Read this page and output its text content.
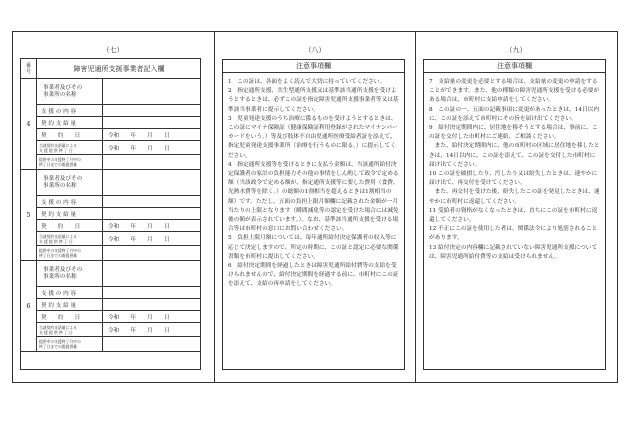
（七）	（八）	（九）
番
号	障害児通所支援事業者記入欄
4
事業者及びその
事業所の名称
支 援 の 内 容
契 約 支 給 量
契　　約　　日	令和　　年　　月　　日
当該契約支給量による
支 援 提 供 終 了 日	令和　　年　　月　　日
提供中の支援終了月中の
終了日までの既提供量
5
事業者及びその
事業所の名称
支 援 の 内 容
契 約 支 給 量
契　　約　　日	令和　　年　　月　　日
当該契約支給量による
支 援 提 供 終 了 日	令和　　年　　月　　日
提供中の支援終了月中の
終了日までの既提供量
6
事業者及びその
事業所の名称
支 援 の 内 容
契 約 支 給 量
契　　約　　日	令和　　年　　月　　日
当該契約支給量による
支 援 提 供 終 了 日	令和　　年　　月　　日
提供中の支援終了月中の
終了日までの既提供量
注意事項欄

1　この証は、各面をよく読んで大切に持っていてください。

2　指定通所支援、共生型通所支援又は基準該当通所支援を受けようとするときは、必ずこの証を指定障害児通所支援事業者等又は基準該当事業者に提示してください。

3　児童発達支援のうち治療に係るものを受けようとするときは、この証にマイナ保険証（健康保険証利用登録がされたマイナンバーカードをいう。）等及び肢体不自由児通所医療受給者証を添えて、指定児童発達支援事業所（治療を行うものに限る。）に提示してください。

4　指定通所支援等を受けるときに支払う金額は、当該通所給付決定保護者の家計の負担能力その他の事情をしん酌して政令で定める額（当該政令で定める額が、指定通所支援等に要した費用（食費、光熱水費等を除く。）の総額の1割相当を超えるときは1割相当の額）です。ただし、五面の負担上限月額欄に記載された金額が一月当たりの上限となります（瞬間減免等の認定を受けた場合には減免後の額が表示されています。）。なお、基準該当通所支援を受ける場合等は市町村の窓口にお問い合わせください。

5　負担上限月額については、毎年通所給付決定保護者の収入等に応じて決定しますので、所定の時期に、この証と認定に必要な関係書類を市町村に提出してください。

6　給付決定期間を経過したときは障害児通所給付費等の支給を受けられませんので、給付決定期間を経過する前に、市町村にこの証を添えて、支給の再申請をしてください。

注意事項欄

7　支給量の変更を必要とする場合は、支給量の変更の申請をすることができます。また、他の種類の障害児通所支援を受ける必要がある場合は、市町村に支給申請をしてください。

8　この証の一、五面の記載事項に変更があったときは、14日以内に、この証を添えて市町村にその旨を届け出てください。

9　給付決定期間内に、居住地を移そうとする場合は、事前に、この証を交付した市町村にご連絡、ご相談ください。

　また、給付決定期間内に、他の市町村の区域に居住地を移したときは、14日以内に、この証を添えて、この証を交付した市町村に届け出てください。

10 この証を破損したり、汚したり又は紛失したときは、速やかに届け出て、再交付を受けてください。

　また、再交付を受けた後、紛失したこの証を発見したときは、速やかに市町村に返還してください。

11 受給者の資格がなくなったときは、直ちにこの証を市町村に返還してください。

12 不正にこの証を使用した者は、関係法令により処罰されることがあります。

13 給付決定の内容欄に記載されていない障害児通所支援については、障害児通所給付費等の支給は受けられません。
